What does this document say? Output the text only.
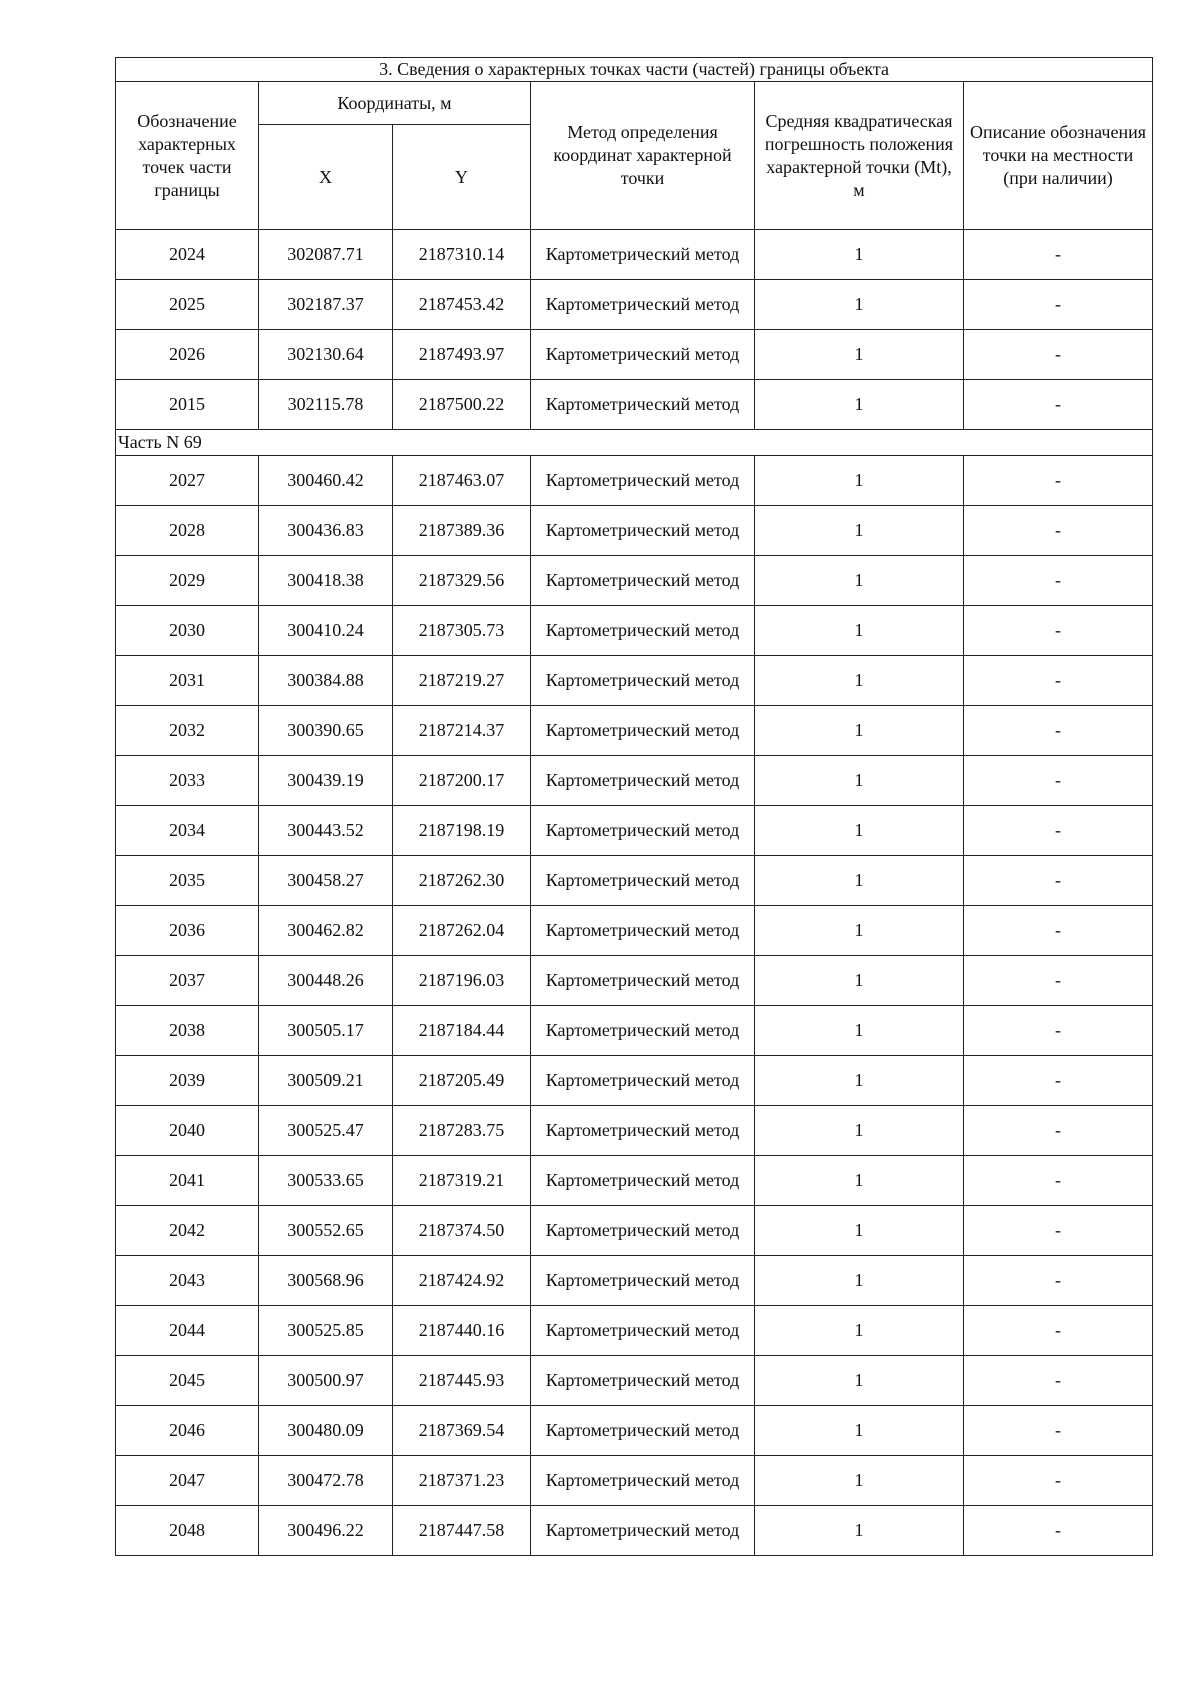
3. Сведения о характерных точках части (частей) границы объекта					
Обозначение характерных точек части границы	Координаты, м		Метод определения координат характерной точки	Средняя квадратическая погрешность положения характерной точки (Mt), м	Описание обозначения точки на местности (при наличии)
	X	Y			
2024	302087.71	2187310.14	Картометрический метод	1	-
2025	302187.37	2187453.42	Картометрический метод	1	-
2026	302130.64	2187493.97	Картометрический метод	1	-
2015	302115.78	2187500.22	Картометрический метод	1	-
Часть N 69					
2027	300460.42	2187463.07	Картометрический метод	1	-
2028	300436.83	2187389.36	Картометрический метод	1	-
2029	300418.38	2187329.56	Картометрический метод	1	-
2030	300410.24	2187305.73	Картометрический метод	1	-
2031	300384.88	2187219.27	Картометрический метод	1	-
2032	300390.65	2187214.37	Картометрический метод	1	-
2033	300439.19	2187200.17	Картометрический метод	1	-
2034	300443.52	2187198.19	Картометрический метод	1	-
2035	300458.27	2187262.30	Картометрический метод	1	-
2036	300462.82	2187262.04	Картометрический метод	1	-
2037	300448.26	2187196.03	Картометрический метод	1	-
2038	300505.17	2187184.44	Картометрический метод	1	-
2039	300509.21	2187205.49	Картометрический метод	1	-
2040	300525.47	2187283.75	Картометрический метод	1	-
2041	300533.65	2187319.21	Картометрический метод	1	-
2042	300552.65	2187374.50	Картометрический метод	1	-
2043	300568.96	2187424.92	Картометрический метод	1	-
2044	300525.85	2187440.16	Картометрический метод	1	-
2045	300500.97	2187445.93	Картометрический метод	1	-
2046	300480.09	2187369.54	Картометрический метод	1	-
2047	300472.78	2187371.23	Картометрический метод	1	-
2048	300496.22	2187447.58	Картометрический метод	1	-
